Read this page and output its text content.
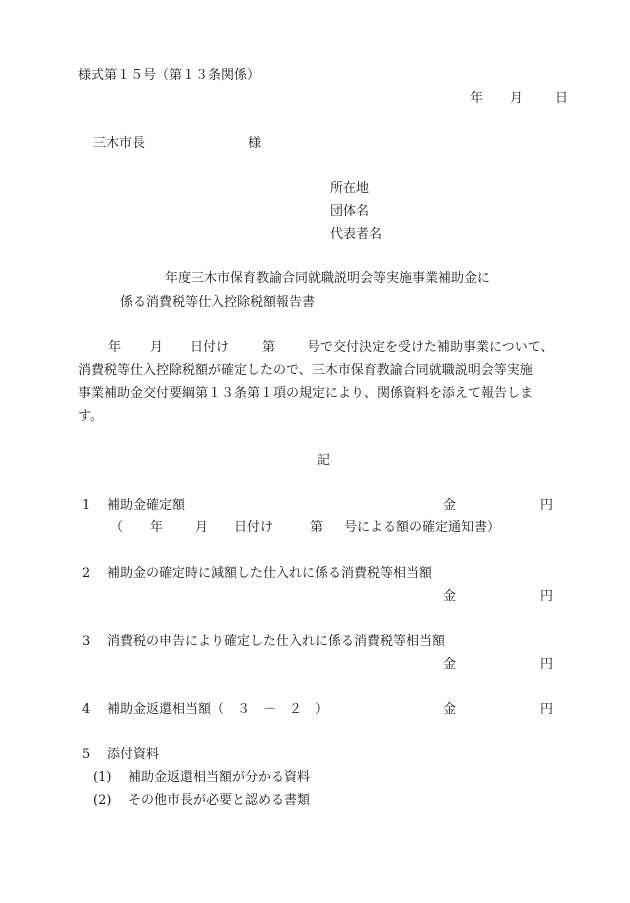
様式第１５号（第１３条関係）
年 月 日
三木市長	様
所在地
団体名
代表者名
年度三木市保育教諭合同就職説明会等実施事業補助金に
係る消費税等仕入控除税額報告書
年 月 日付け	第 号で交付決定を受けた補助事業について、
消費税等仕入控除税額が確定したので、三木市保育教諭合同就職説明会等実施
事業補助金交付要綱第１３条第１項の規定により、関係資料を添えて報告しま
す。
記
1 補助金確定額	金	円
（ 年 月 日付け	第 号による額の確定通知書）
2 補助金の確定時に減額した仕入れに係る消費税等相当額
金	円
3 消費税の申告により確定した仕入れに係る消費税等相当額
金	円
4 補助金返還相当額（　３　－　２　）	金	円
5 添付資料
(1) 補助金返還相当額が分かる資料
(2) その他市長が必要と認める書類
